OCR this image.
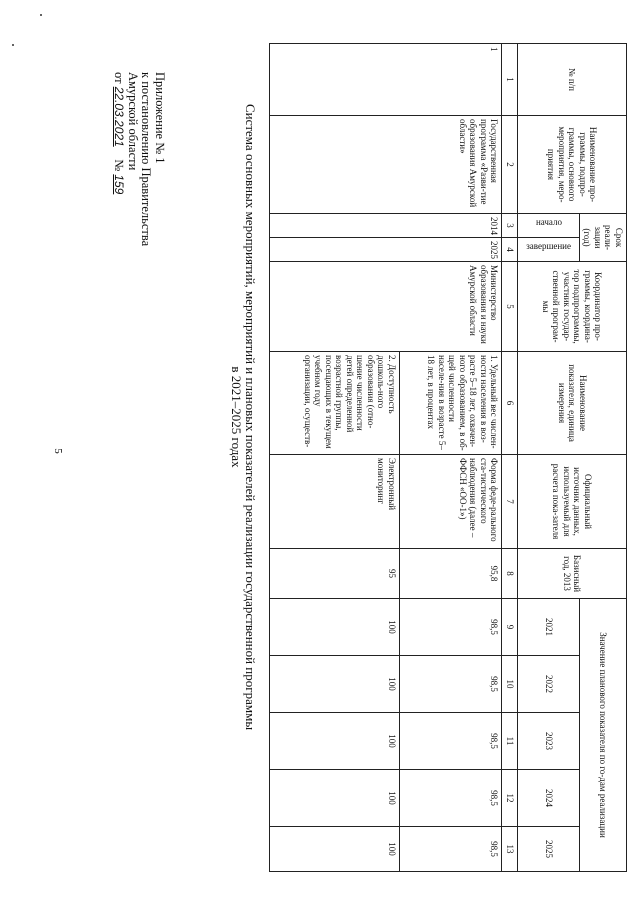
5
Приложение № 1
к постановлению Правительства
Амурской области
от 22.03.2021    № 159
№ п/п	Наименование про-граммы, подпро-граммы, основного мероприятия, меро-приятия	Срок реали-зации (год)		Координатор про-граммы, координа-тор подпрограммы, участник государ-ственной програм-мы	Наименование показателя, единица измерения	Официальный источник данных, используемый для расчета пока-зателя	Базисный год, 2013	Значение планового показателя по го-дам реализации				

		начало	завершение					2021	2022	2023	2024	2025
1	2	3	4	5	6	7	8	9	10	11	12	13
1	Государственная программа «Разви-тие образования Амурской области»	2014	2025	Министерство образования и науки Амурской области	1. Удельный вес числен-ности населения в воз-расте 5–18 лет, охвачен-ного образованием, в об-щей численности населе-ния в возрасте 5–18 лет, в процентах	Форма феде-рального ста-тистического наблюдения (далее – ФФСН «ОО-1»)	95,8	98,5	98,5	98,5	98,5	98,5
					2. Доступность дошколь-ного образования (отно-шение численности детей определенной возрастной группы, посещающих в текущем учебном году организации, осуществ-	Электронный мониторинг	95	100	100	100	100	100
Система основных мероприятий, мероприятий и плановых показателей реализации государственной программы
в 2021–2025 годах
